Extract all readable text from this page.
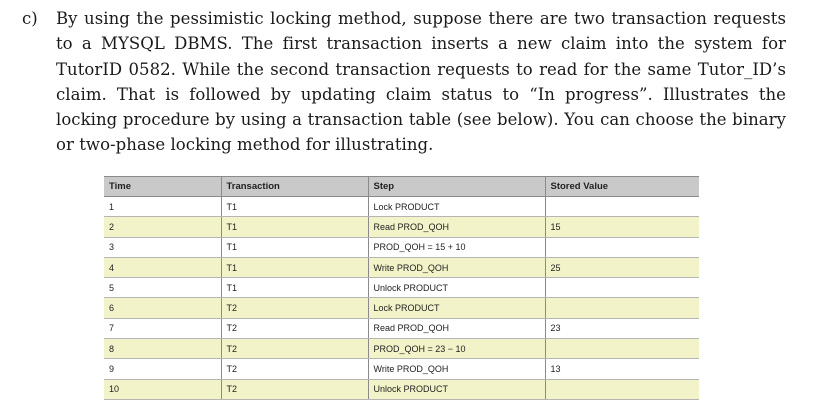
c)	By using the pessimistic locking method, suppose there are two transaction requests to a MYSQL DBMS. The first transaction inserts a new claim into the system for TutorID 0582. While the second transaction requests to read for the same Tutor_ID’s claim. That is followed by updating claim status to “In progress”. Illustrates the locking procedure by using a transaction table (see below). You can choose the binary or two-phase locking method for illustrating.
Time	Transaction	Step	Stored Value
1	T1	Lock PRODUCT	
2	T1	Read PROD_QOH	15
3	T1	PROD_QOH = 15 + 10	
4	T1	Write PROD_QOH	25
5	T1	Unlock PRODUCT	
6	T2	Lock PRODUCT	
7	T2	Read PROD_QOH	23
8	T2	PROD_QOH = 23 − 10	
9	T2	Write PROD_QOH	13
10	T2	Unlock PRODUCT	
